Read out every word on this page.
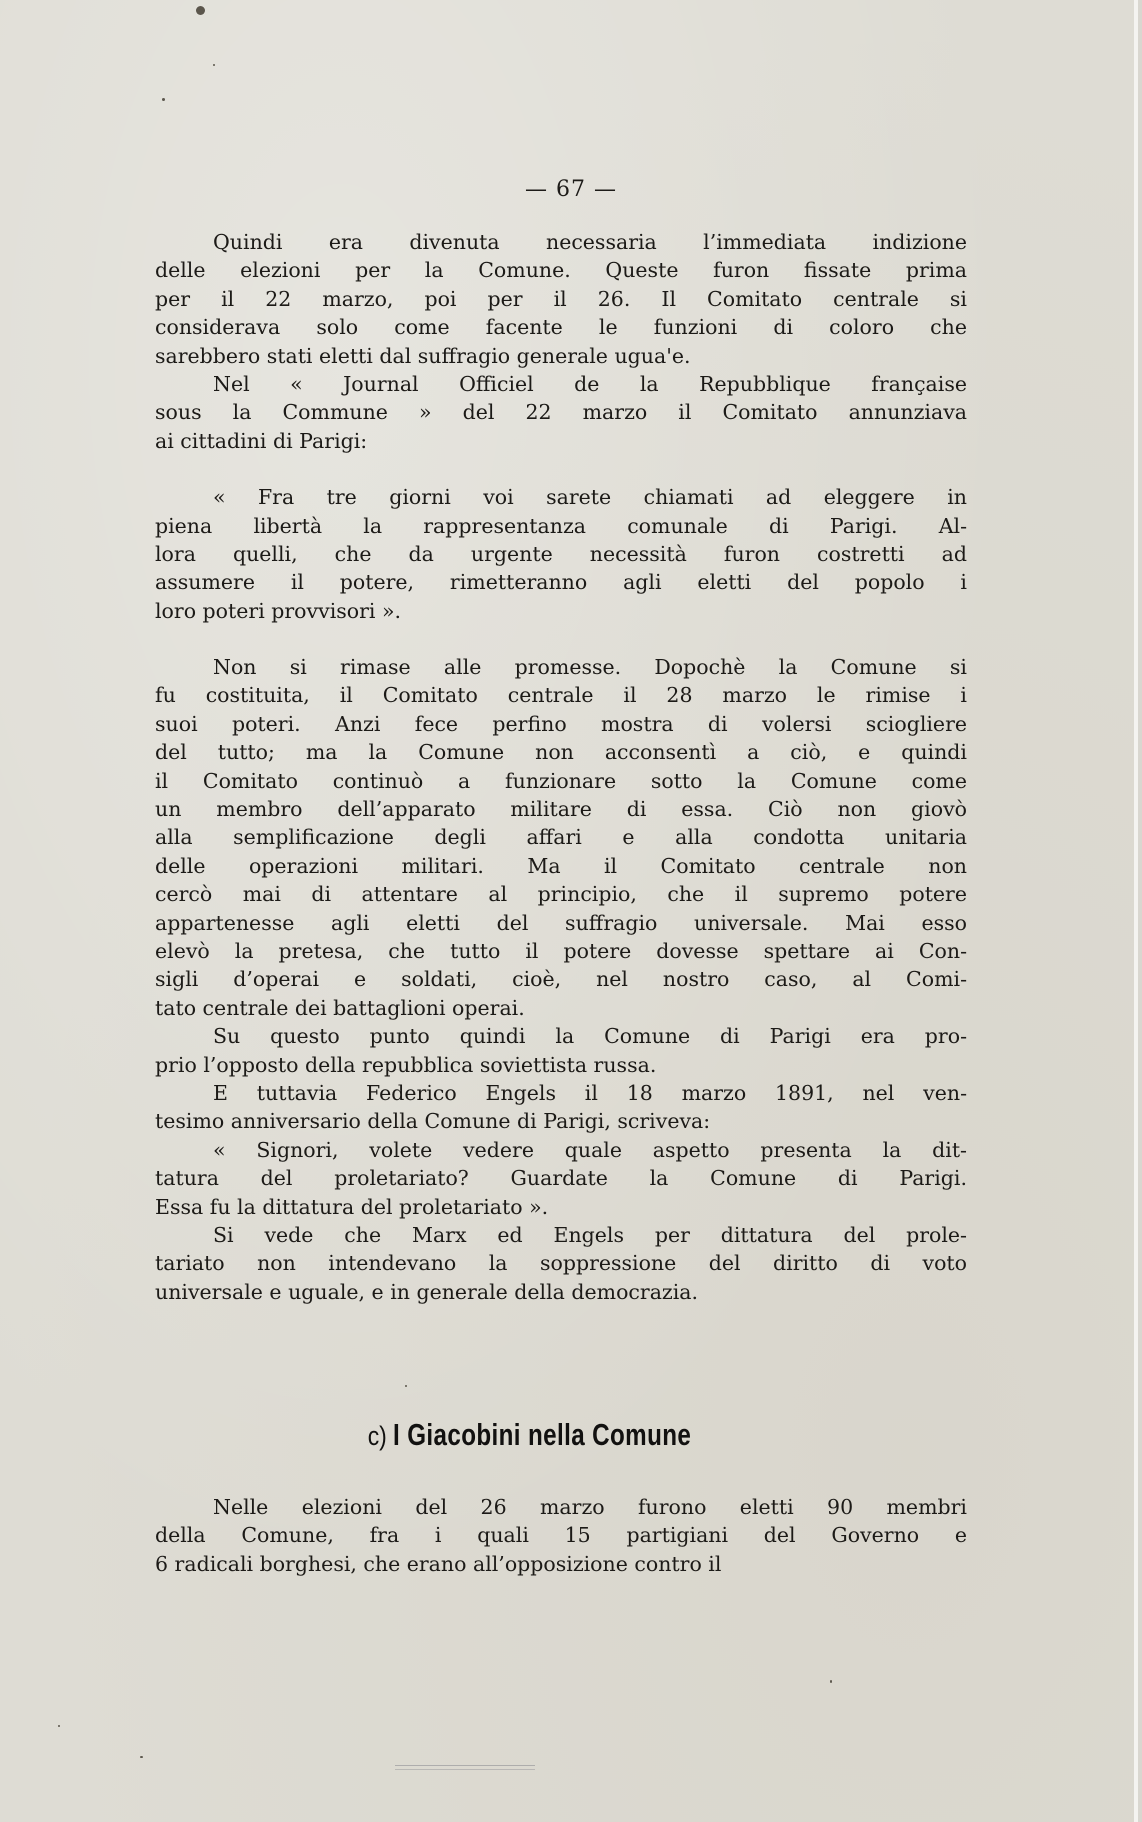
— 67 —
Quindi era divenuta necessaria l’immediata indizione
delle elezioni per la Comune. Queste furon fissate prima
per il 22 marzo, poi per il 26. Il Comitato centrale si
considerava solo come facente le funzioni di coloro che
sarebbero stati eletti dal suffragio generale ugua'e.
Nel « Journal Officiel de la Repubblique française
sous la Commune » del 22 marzo il Comitato annunziava
ai cittadini di Parigi:
« Fra tre giorni voi sarete chiamati ad eleggere in
piena libertà la rappresentanza comunale di Parigi. Al-
lora quelli, che da urgente necessità furon costretti ad
assumere il potere, rimetteranno agli eletti del popolo i
loro poteri provvisori ».
Non si rimase alle promesse. Dopochè la Comune si
fu costituita, il Comitato centrale il 28 marzo le rimise i
suoi poteri. Anzi fece perfino mostra di volersi sciogliere
del tutto; ma la Comune non acconsentì a ciò, e quindi
il Comitato continuò a funzionare sotto la Comune come
un membro dell’apparato militare di essa. Ciò non giovò
alla semplificazione degli affari e alla condotta unitaria
delle operazioni militari. Ma il Comitato centrale non
cercò mai di attentare al principio, che il supremo potere
appartenesse agli eletti del suffragio universale. Mai esso
elevò la pretesa, che tutto il potere dovesse spettare ai Con-
sigli d’operai e soldati, cioè, nel nostro caso, al Comi-
tato centrale dei battaglioni operai.
Su questo punto quindi la Comune di Parigi era pro-
prio l’opposto della repubblica soviettista russa.
E tuttavia Federico Engels il 18 marzo 1891, nel ven-
tesimo anniversario della Comune di Parigi, scriveva:
« Signori, volete vedere quale aspetto presenta la dit-
tatura del proletariato? Guardate la Comune di Parigi.
Essa fu la dittatura del proletariato ».
Si vede che Marx ed Engels per dittatura del prole-
tariato non intendevano la soppressione del diritto di voto
universale e uguale, e in generale della democrazia.
c) I Giacobini nella Comune
Nelle elezioni del 26 marzo furono eletti 90 membri
della Comune, fra i quali 15 partigiani del Governo e
6 radicali borghesi, che erano all’opposizione contro il
